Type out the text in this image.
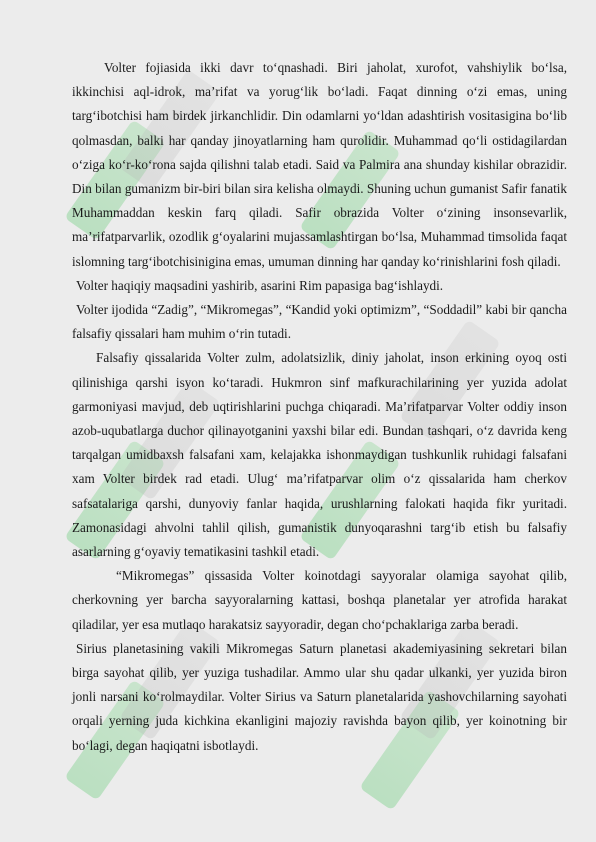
Volter fojiasida ikki davr to‘qnashadi. Biri jaholat, xurofot, vahshiylik bo‘lsa, ikkinchisi aql-idrok, ma’rifat va yorug‘lik bo‘ladi. Faqat dinning o‘zi emas, uning targ‘ibotchisi ham birdek jirkanchlidir. Din odamlarni yo‘ldan adashtirish vositasigina bo‘lib qolmasdan, balki har qanday jinoyatlarning ham qurolidir. Muhammad qo‘li ostidagilardan o‘ziga ko‘r-ko‘rona sajda qilishni talab etadi. Said va Palmira ana shunday kishilar obrazidir. Din bilan gumanizm bir-biri bilan sira kelisha olmaydi. Shuning uchun gumanist Safir fanatik Muhammaddan keskin farq qiladi. Safir obrazida Volter o‘zining insonsevarlik, ma’rifatparvarlik, ozodlik g‘oyalarini mujassamlashtirgan bo‘lsa, Muhammad timsolida faqat islomning targ‘ibotchisinigina emas, umuman dinning har qanday ko‘rinishlarini fosh qiladi.

Volter haqiqiy maqsadini yashirib, asarini Rim papasiga bag‘ishlaydi.

Volter ijodida “Zadig”, “Mikromegas”, “Kandid yoki optimizm”, “Soddadil” kabi bir qancha falsafiy qissalari ham muhim o‘rin tutadi.

Falsafiy qissalarida Volter zulm, adolatsizlik, diniy jaholat, inson erkining oyoq osti qilinishiga qarshi isyon ko‘taradi. Hukmron sinf mafkurachilarining yer yuzida adolat garmoniyasi mavjud, deb uqtirishlarini puchga chiqaradi. Ma’rifatparvar Volter oddiy inson azob-uqubatlarga duchor qilinayotganini yaxshi bilar edi. Bundan tashqari, o‘z davrida keng tarqalgan umidbaxsh falsafani xam, kelajakka ishonmaydigan tushkunlik ruhidagi falsafani xam Volter birdek rad etadi. Ulug‘ ma’rifatparvar olim o‘z qissalarida ham cherkov safsatalariga qarshi, dunyoviy fanlar haqida, urushlarning falokati haqida fikr yuritadi. Zamonasidagi ahvolni tahlil qilish, gumanistik dunyoqarashni targ‘ib etish bu falsafiy asarlarning g‘oyaviy tematikasini tashkil etadi.

“Mikromegas” qissasida Volter koinotdagi sayyoralar olamiga sayohat qilib, cherkovning yer barcha sayyoralarning kattasi, boshqa planetalar yer atrofida harakat qiladilar, yer esa mutlaqo harakatsiz sayyoradir, degan cho‘pchaklariga zarba beradi.

Sirius planetasining vakili Mikromegas Saturn planetasi akademiyasining sekretari bilan birga sayohat qilib, yer yuziga tushadilar. Ammo ular shu qadar ulkanki, yer yuzida biron jonli narsani ko‘rolmaydilar. Volter Sirius va Saturn planetalarida yashovchilarning sayohati orqali yerning juda kichkina ekanligini majoziy ravishda bayon qilib, yer koinotning bir bo‘lagi, degan haqiqatni isbotlaydi.
